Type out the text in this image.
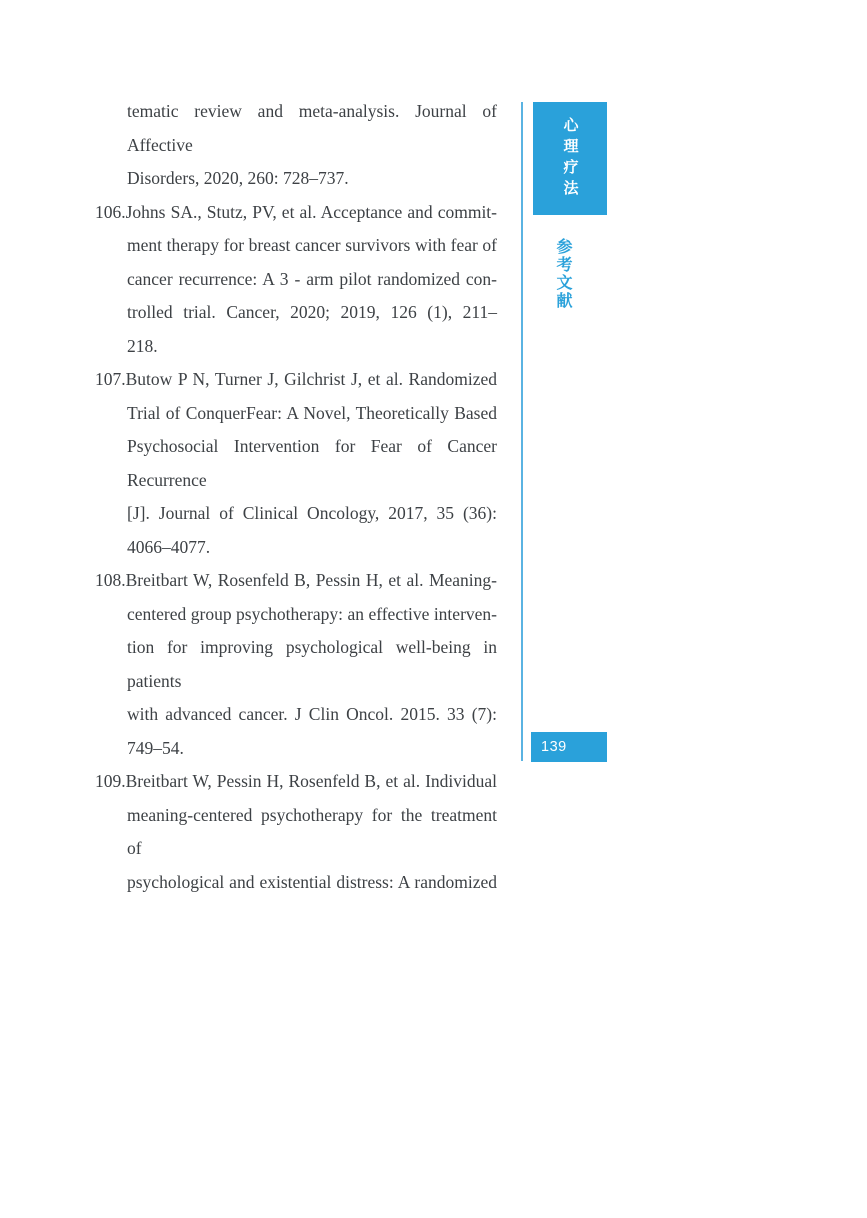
tematic review and meta-analysis. Journal of Affective
Disorders, 2020, 260: 728–737.
106.Johns SA., Stutz, PV, et al. Acceptance and commit-
ment therapy for breast cancer survivors with fear of
cancer recurrence: A 3 - arm pilot randomized con-
trolled trial. Cancer, 2020; 2019, 126 (1), 211–
218.
107.Butow P N, Turner J, Gilchrist J, et al. Randomized
Trial of ConquerFear: A Novel, Theoretically Based
Psychosocial Intervention for Fear of Cancer Recurrence
[J]. Journal of Clinical Oncology, 2017, 35 (36):
4066–4077.
108.Breitbart W, Rosenfeld B, Pessin H, et al. Meaning-
centered group psychotherapy: an effective interven-
tion for improving psychological well-being in patients
with advanced cancer. J Clin Oncol. 2015. 33 (7):
749–54.
109.Breitbart W, Pessin H, Rosenfeld B, et al. Individual
meaning-centered psychotherapy for the treatment of
psychological and existential distress: A randomized
心理疗法
参考文献
139
